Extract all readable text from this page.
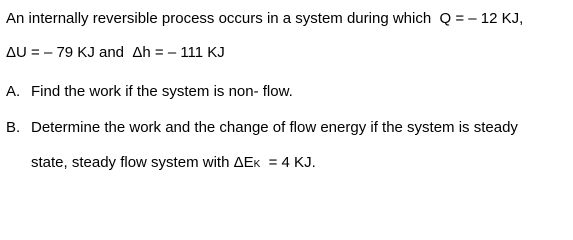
An internally reversible process occurs in a system during which Q = – 12 KJ,
ΔU = – 79 KJ and Δh = – 111 KJ
A. Find the work if the system is non- flow.
B. Determine the work and the change of flow energy if the system is steady
state, steady flow system with ΔEK = 4 KJ.
